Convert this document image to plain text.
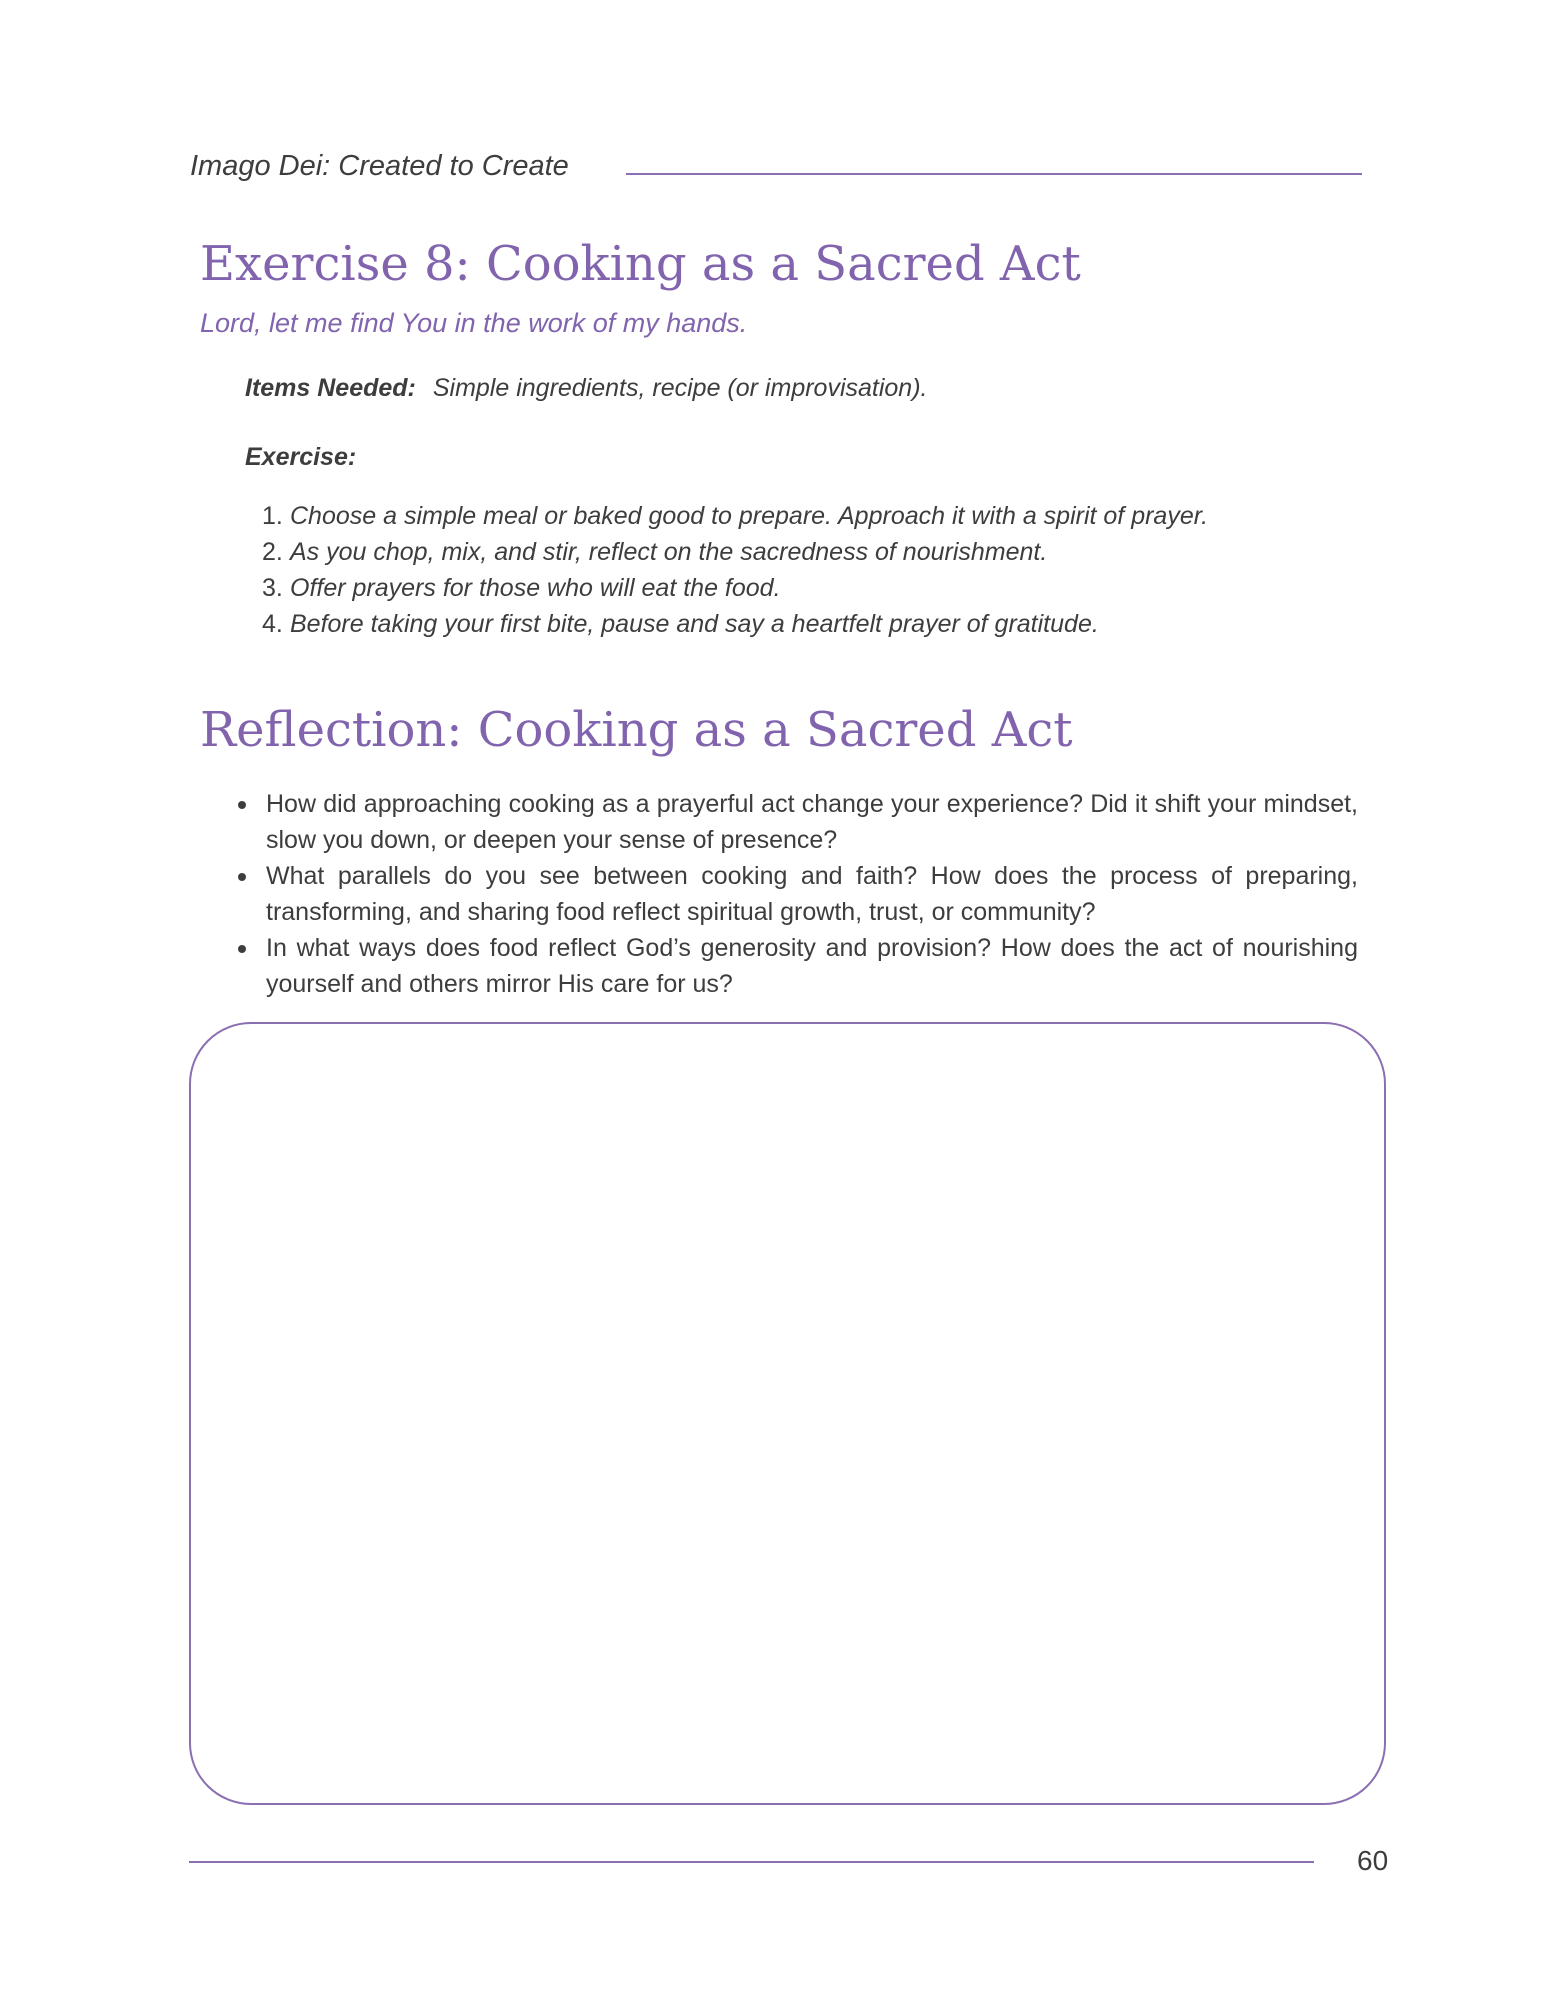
Imago Dei: Created to Create
Exercise 8: Cooking as a Sacred Act
Lord, let me find You in the work of my hands.
Items Needed: Simple ingredients, recipe (or improvisation).
Exercise:
1. Choose a simple meal or baked good to prepare. Approach it with a spirit of prayer.
2. As you chop, mix, and stir, reflect on the sacredness of nourishment.
3. Offer prayers for those who will eat the food.
4. Before taking your first bite, pause and say a heartfelt prayer of gratitude.
Reflection: Cooking as a Sacred Act
How did approaching cooking as a prayerful act change your experience? Did it shift your mindset, slow you down, or deepen your sense of presence?
What parallels do you see between cooking and faith? How does the process of preparing, transforming, and sharing food reflect spiritual growth, trust, or community?
In what ways does food reflect God’s generosity and provision? How does the act of nourishing yourself and others mirror His care for us?
60
